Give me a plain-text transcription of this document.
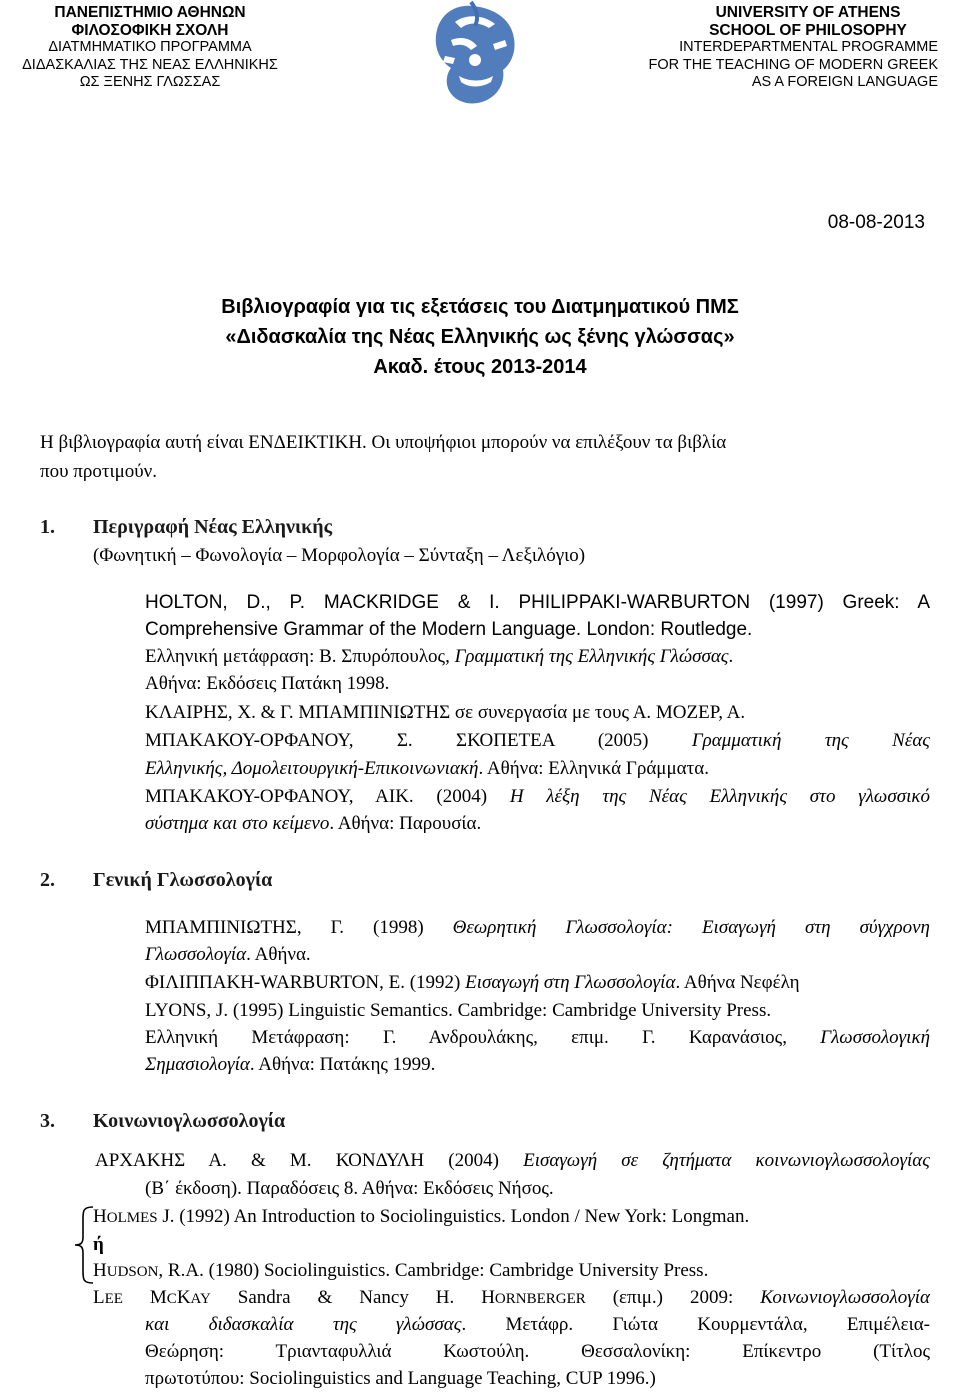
ΠΑΝΕΠΙΣΤΗΜΙΟ ΑΘΗΝΩΝ
ΦΙΛΟΣΟΦΙΚΗ ΣΧΟΛΗ
ΔΙΑΤΜΗΜΑΤΙΚΟ ΠΡΟΓΡΑΜΜΑ
ΔΙΔΑΣΚΑΛΙΑΣ ΤΗΣ ΝΕΑΣ ΕΛΛΗΝΙΚΗΣ
ΩΣ ΞΕΝΗΣ ΓΛΩΣΣΑΣ
UNIVERSITY OF ATHENS
SCHOOL OF PHILOSOPHY
INTERDEPARTMENTAL PROGRAMME
FOR THE TEACHING OF MODERN GREEK
AS A FOREIGN LANGUAGE
08-08-2013
Βιβλιογραφία για τις εξετάσεις του Διατμηματικού ΠΜΣ
«Διδασκαλία της Νέας Ελληνικής ως ξένης γλώσσας»
Ακαδ. έτους 2013-2014
Η βιβλιογραφία αυτή είναι ΕΝΔΕΙΚΤΙΚΗ. Οι υποψήφιοι μπορούν να επιλέξουν τα βιβλία
που προτιμούν.
1. Περιγραφή Νέας Ελληνικής
(Φωνητική – Φωνολογία – Μορφολογία – Σύνταξη – Λεξιλόγιο)
HOLTON, D., P. MACKRIDGE & I. PHILIPPAKI-WARBURTON (1997) Greek: A
Comprehensive Grammar of the Modern Language. London: Routledge.
Ελληνική μετάφραση: Β. Σπυρόπουλος, Γραμματική της Ελληνικής Γλώσσας.
Αθήνα: Εκδόσεις Πατάκη 1998.
ΚΛΑΙΡΗΣ, Χ. & Γ. ΜΠΑΜΠΙΝΙΩΤΗΣ σε συνεργασία με τους Α. ΜΟΖΕΡ, Α.
ΜΠΑΚΑΚΟΥ-ΟΡΦΑΝΟΥ, Σ. ΣΚΟΠΕΤΕΑ (2005) Γραμματική της Νέας
Ελληνικής, Δομολειτουργική-Επικοινωνιακή. Αθήνα: Ελληνικά Γράμματα.
ΜΠΑΚΑΚΟΥ-ΟΡΦΑΝΟΥ, ΑΙΚ. (2004) Η λέξη της Νέας Ελληνικής στο γλωσσικό
σύστημα και στο κείμενο. Αθήνα: Παρουσία.
2. Γενική Γλωσσολογία
ΜΠΑΜΠΙΝΙΩΤΗΣ, Γ. (1998) Θεωρητική Γλωσσολογία: Εισαγωγή στη σύγχρονη
Γλωσσολογία. Αθήνα.
ΦΙΛΙΠΠΑΚΗ-WARBURTON, Ε. (1992) Εισαγωγή στη Γλωσσολογία. Αθήνα Νεφέλη
LYONS, J. (1995) Linguistic Semantics. Cambridge: Cambridge University Press.
Ελληνική Μετάφραση: Γ. Ανδρουλάκης, επιμ. Γ. Καρανάσιος, Γλωσσολογική
Σημασιολογία. Αθήνα: Πατάκης 1999.
3. Κοινωνιογλωσσολογία
ΑΡΧΑΚΗΣ Α. & Μ. ΚΟΝΔΥΛΗ (2004) Εισαγωγή σε ζητήματα κοινωνιογλωσσολογίας
(Β΄ έκδοση). Παραδόσεις 8. Αθήνα: Εκδόσεις Νήσος.
HOLMES J. (1992) An Introduction to Sociolinguistics. London / New York: Longman.
ή
HUDSON, R.A. (1980) Sociolinguistics. Cambridge: Cambridge University Press.
LEE MCKAY Sandra & Nancy H. HORNBERGER (επιμ.) 2009: Κοινωνιογλωσσολογία
και διδασκαλία της γλώσσας. Μετάφρ. Γιώτα Κουρμεντάλα, Επιμέλεια-
Θεώρηση: Τριανταφυλλιά Κωστούλη. Θεσσαλονίκη: Επίκεντρο (Τίτλος
πρωτοτύπου: Sociolinguistics and Language Teaching, CUP 1996.)
